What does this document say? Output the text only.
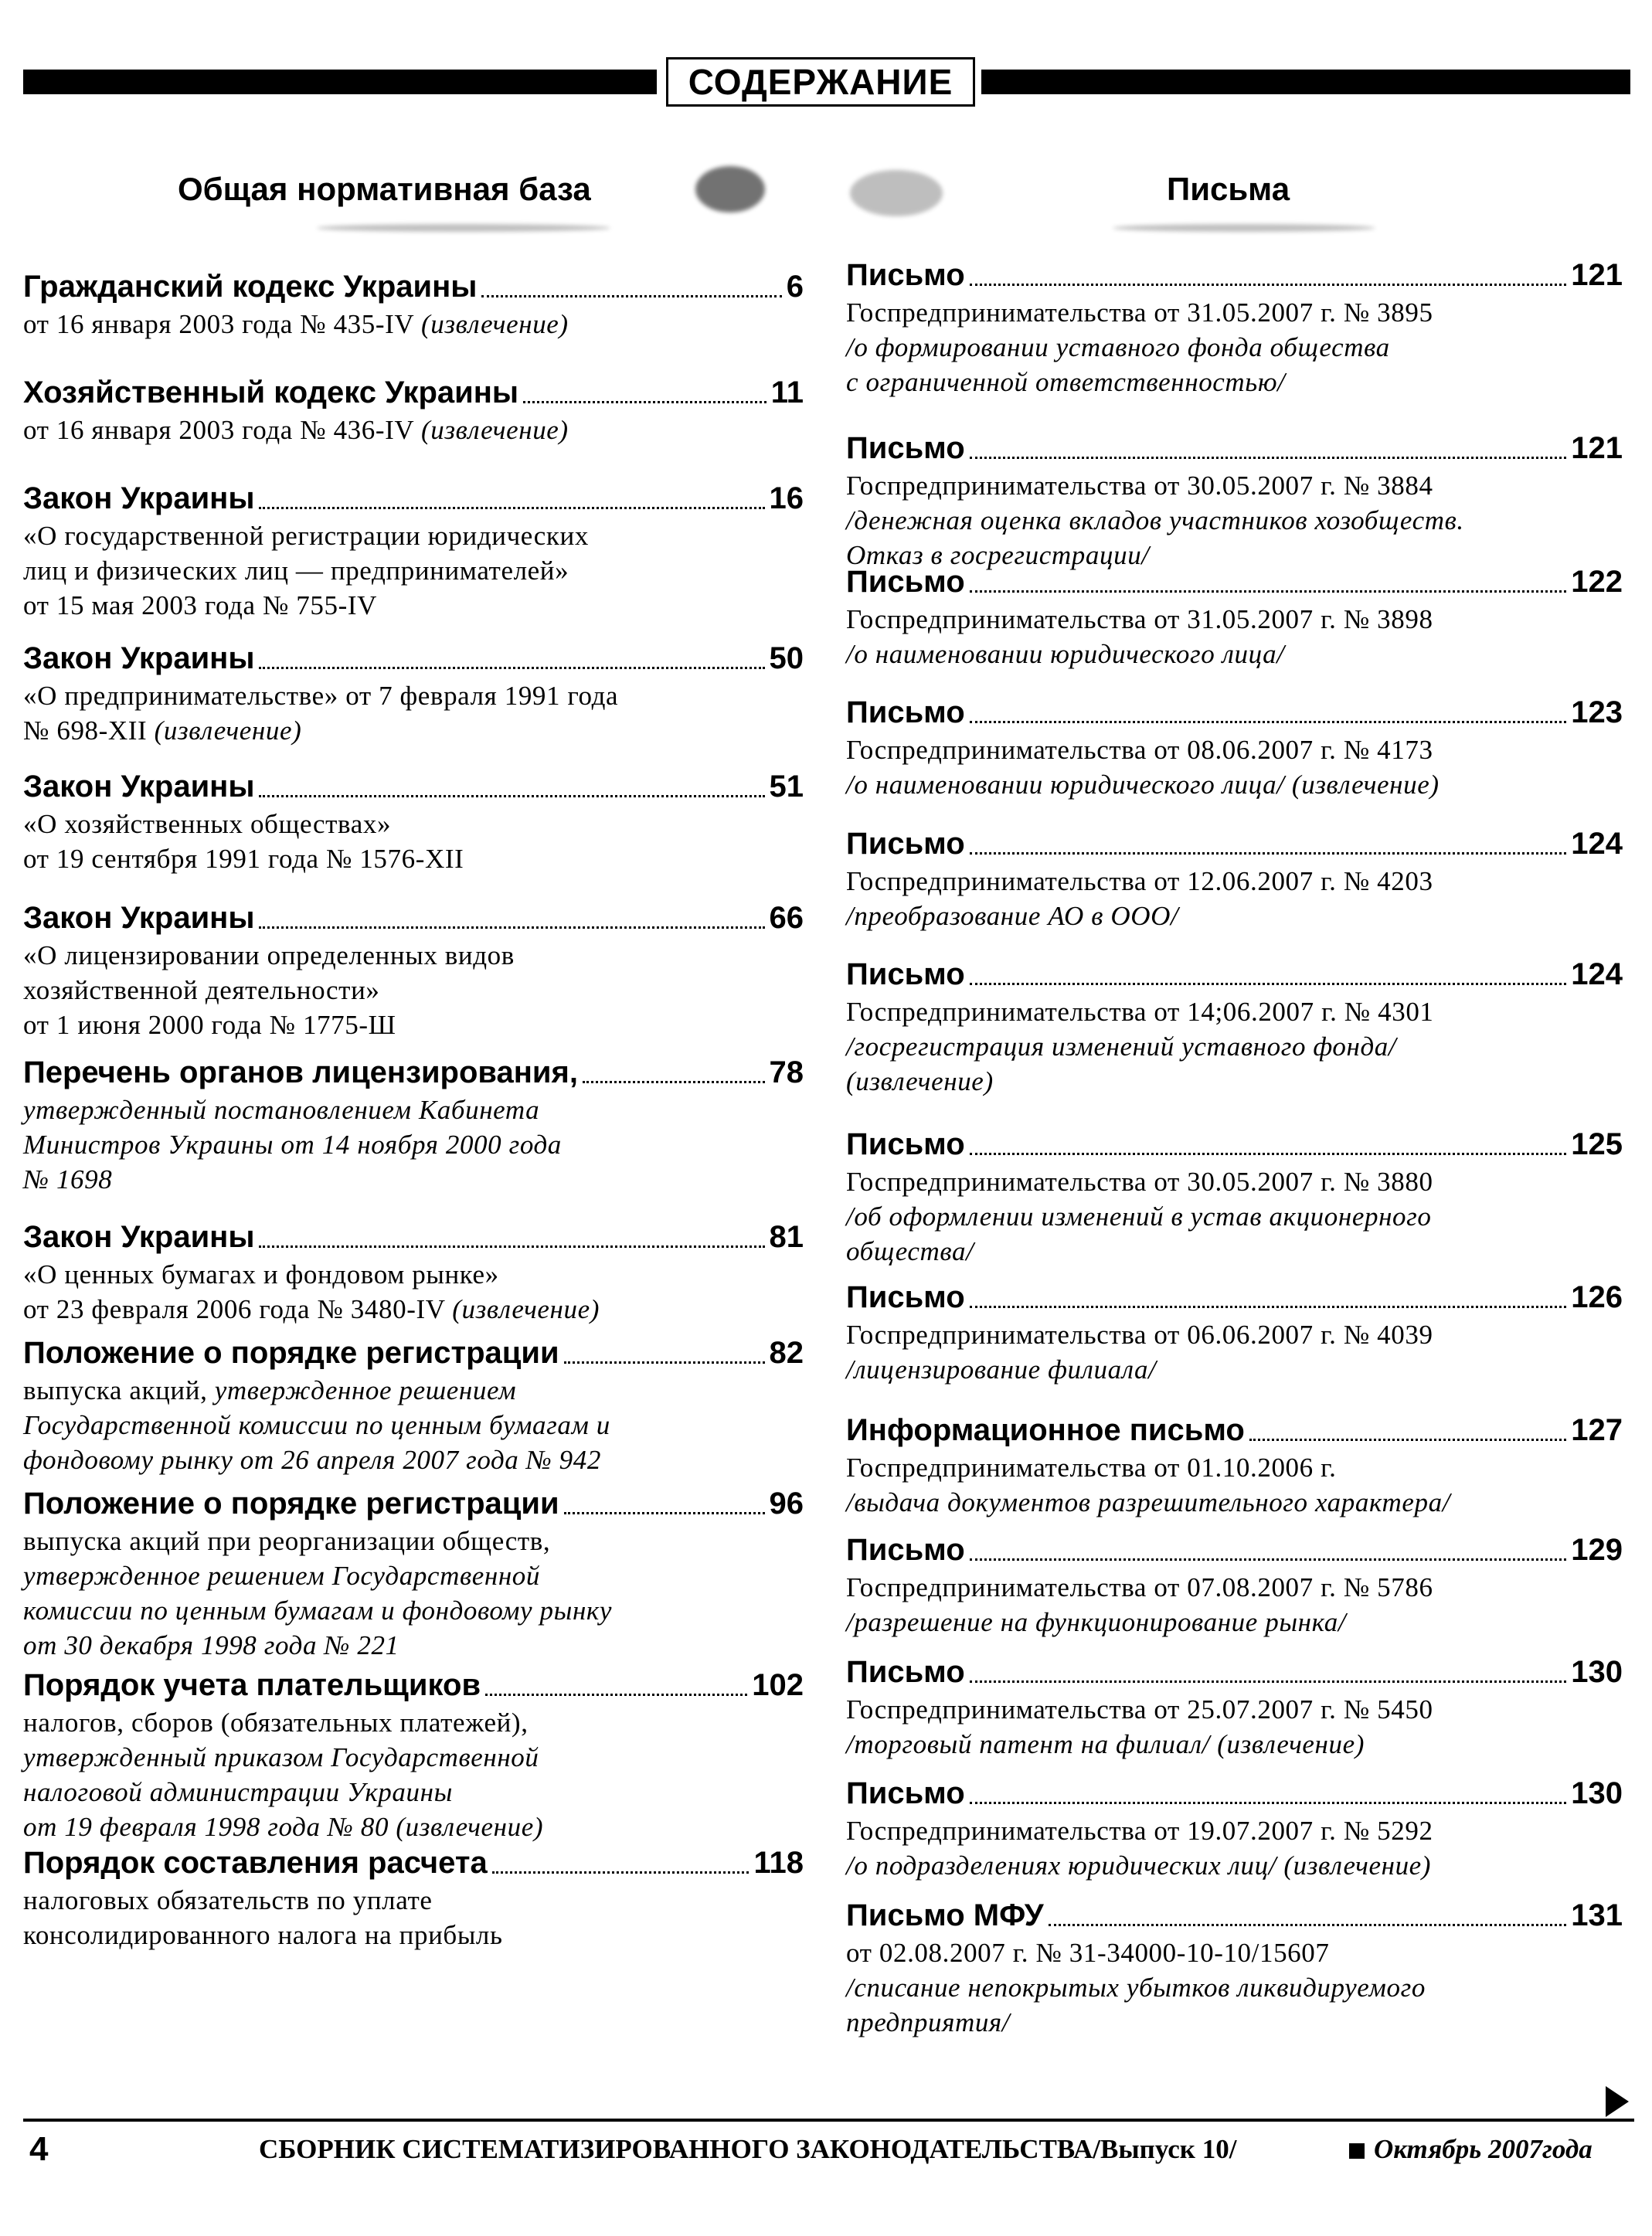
СОДЕРЖАНИЕ
Общая нормативная база	Письма
Гражданский кодекс Украины	6
от 16 января 2003 года № 435-IV (извлечение)
Хозяйственный кодекс Украины	11
от 16 января 2003 года № 436-IV (извлечение)
Закон Украины	16
«О государственной регистрации юридических
лиц и физических лиц — предпринимателей»
от 15 мая 2003 года № 755-IV
Закон Украины	50
«О предпринимательстве» от 7 февраля 1991 года
№ 698-XII (извлечение)
Закон Украины	51
«О хозяйственных обществах»
от 19 сентября 1991 года № 1576-XII
Закон Украины	66
«О лицензировании определенных видов
хозяйственной деятельности»
от 1 июня 2000 года № 1775-Ш
Перечень органов лицензирования,	78
утвержденный постановлением Кабинета
Министров Украины от 14 ноября 2000 года
№ 1698
Закон Украины	81
«О ценных бумагах и фондовом рынке»
от 23 февраля 2006 года № 3480-IV (извлечение)
Положение о порядке регистрации	82
выпуска акций, утвержденное решением
Государственной комиссии по ценным бумагам и
фондовому рынку от 26 апреля 2007 года № 942
Положение о порядке регистрации	96
выпуска акций при реорганизации обществ,
утвержденное решением Государственной
комиссии по ценным бумагам и фондовому рынку
от 30 декабря 1998 года № 221
Порядок учета плательщиков	102
налогов, сборов (обязательных платежей),
утвержденный приказом Государственной
налоговой администрации Украины
от 19 февраля 1998 года № 80 (извлечение)
Порядок составления расчета	118
налоговых обязательств по уплате
консолидированного налога на прибыль
Письмо	121
Госпредпринимательства от 31.05.2007 г. № 3895
/о формировании уставного фонда общества
с ограниченной ответственностью/
Письмо	121
Госпредпринимательства от 30.05.2007 г. № 3884
/денежная оценка вкладов участников хозобществ.
Отказ в госрегистрации/
Письмо	122
Госпредпринимательства от 31.05.2007 г. № 3898
/о наименовании юридического лица/
Письмо	123
Госпредпринимательства от 08.06.2007 г. № 4173
/о наименовании юридического лица/ (извлечение)
Письмо	124
Госпредпринимательства от 12.06.2007 г. № 4203
/преобразование АО в ООО/
Письмо	124
Госпредпринимательства от 14;06.2007 г. № 4301
/госрегистрация изменений уставного фонда/
(извлечение)
Письмо	125
Госпредпринимательства от 30.05.2007 г. № 3880
/об оформлении изменений в устав акционерного
общества/
Письмо	126
Госпредпринимательства от 06.06.2007 г. № 4039
/лицензирование филиала/
Информационное письмо	127
Госпредпринимательства от 01.10.2006 г.
/выдача документов разрешительного характера/
Письмо	129
Госпредпринимательства от 07.08.2007 г. № 5786
/разрешение на функционирование рынка/
Письмо	130
Госпредпринимательства от 25.07.2007 г. № 5450
/торговый патент на филиал/ (извлечение)
Письмо	130
Госпредпринимательства от 19.07.2007 г. № 5292
/о подразделениях юридических лиц/ (извлечение)
Письмо МФУ	131
от 02.08.2007 г. № 31-34000-10-10/15607
/списание непокрытых убытков ликвидируемого
предприятия/
4	СБОРНИК СИСТЕМАТИЗИРОВАННОГО ЗАКОНОДАТЕЛЬСТВА/Выпуск 10/	Октябрь 2007года
